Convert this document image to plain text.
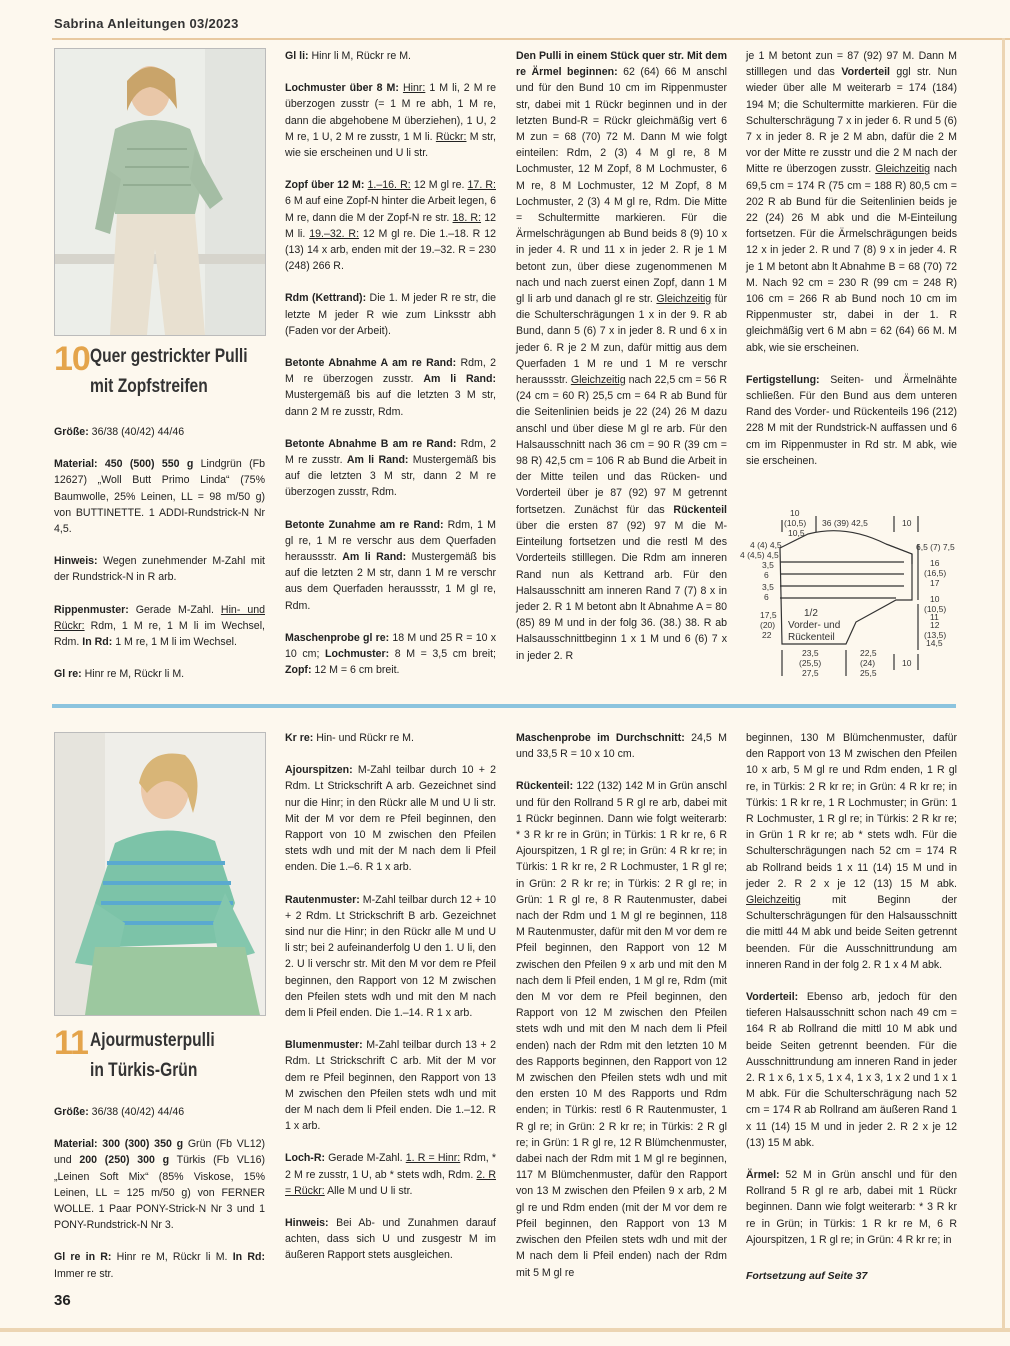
Sabrina Anleitungen 03/2023
10 Quer gestrickter Pulli
mit Zopfstreifen

Größe: 36/38 (40/42) 44/46

Material: 450 (500) 550 g Lindgrün (Fb 12627) „Woll Butt Primo Linda“ (75% Baumwolle, 25% Leinen, LL = 98 m/50 g) von BUTTINETTE. 1 ADDI-Rundstrick-N Nr 4,5.

Hinweis: Wegen zunehmender M-Zahl mit der Rundstrick-N in R arb.

Rippenmuster: Gerade M-Zahl. Hin- und Rückr: Rdm, 1 M re, 1 M li im Wechsel, Rdm. In Rd: 1 M re, 1 M li im Wechsel.

Gl re: Hinr re M, Rückr li M.

Gl li: Hinr li M, Rückr re M.

Lochmuster über 8 M: Hinr: 1 M li, 2 M re überzogen zusstr (= 1 M re abh, 1 M re, dann die abgehobene M überziehen), 1 U, 2 M re, 1 U, 2 M re zusstr, 1 M li. Rückr: M str, wie sie erscheinen und U li str.

Zopf über 12 M: 1.–16. R: 12 M gl re. 17. R: 6 M auf eine Zopf-N hinter die Arbeit legen, 6 M re, dann die M der Zopf-N re str. 18. R: 12 M li. 19.–32. R: 12 M gl re. Die 1.–18. R 12 (13) 14 x arb, enden mit der 19.–32. R = 230 (248) 266 R.

Rdm (Kettrand): Die 1. M jeder R re str, die letzte M jeder R wie zum Linksstr abh (Faden vor der Arbeit).

Betonte Abnahme A am re Rand: Rdm, 2 M re überzogen zusstr. Am li Rand: Mustergemäß bis auf die letzten 3 M str, dann 2 M re zusstr, Rdm.

Betonte Abnahme B am re Rand: Rdm, 2 M re zusstr. Am li Rand: Mustergemäß bis auf die letzten 3 M str, dann 2 M re überzogen zusstr, Rdm.

Betonte Zunahme am re Rand: Rdm, 1 M gl re, 1 M re verschr aus dem Querfaden heraussstr. Am li Rand: Mustergemäß bis auf die letzten 2 M str, dann 1 M re verschr aus dem Querfaden heraussstr, 1 M gl re, Rdm.

Maschenprobe gl re: 18 M und 25 R = 10 x 10 cm; Lochmuster: 8 M = 3,5 cm breit; Zopf: 12 M = 6 cm breit.

Den Pulli in einem Stück quer str. Mit dem re Ärmel beginnen: 62 (64) 66 M anschl und für den Bund 10 cm im Rippenmuster str, dabei mit 1 Rückr beginnen und in der letzten Bund-R = Rückr gleichmäßig vert 6 M zun = 68 (70) 72 M. Dann M wie folgt einteilen: Rdm, 2 (3) 4 M gl re, 8 M Lochmuster, 12 M Zopf, 8 M Lochmuster, 6 M re, 8 M Lochmuster, 12 M Zopf, 8 M Lochmuster, 2 (3) 4 M gl re, Rdm. Die Mitte = Schultermitte markieren. Für die Ärmelschrägungen ab Bund beids 8 (9) 10 x in jeder 4. R und 11 x in jeder 2. R je 1 M betont zun, über diese zugenommenen M nach und nach zuerst einen Zopf, dann 1 M gl li arb und danach gl re str. Gleichzeitig für die Schulterschrägungen 1 x in der 9. R ab Bund, dann 5 (6) 7 x in jeder 8. R und 6 x in jeder 6. R je 2 M zun, dafür mittig aus dem Querfaden 1 M re und 1 M re verschr heraussstr. Gleichzeitig nach 22,5 cm = 56 R (24 cm = 60 R) 25,5 cm = 64 R ab Bund für die Seitenlinien beids je 22 (24) 26 M dazu anschl und über diese M gl re arb. Für den Halsausschnitt nach 36 cm = 90 R (39 cm = 98 R) 42,5 cm = 106 R ab Bund die Arbeit in der Mitte teilen und das Rücken- und Vorderteil über je 87 (92) 97 M getrennt fortsetzen. Zunächst für das Rückenteil über die ersten 87 (92) 97 M die M-Einteilung fortsetzen und die restl M des Vorderteils stilllegen. Die Rdm am inneren Rand nun als Kettrand arb. Für den Halsausschnitt am inneren Rand 7 (7) 8 x in jeder 2. R 1 M betont abn lt Abnahme A = 80 (85) 89 M und in der folg 36. (38.) 38. R ab Halsausschnittbeginn 1 x 1 M und 6 (6) 7 x in jeder 2. R

je 1 M betont zun = 87 (92) 97 M. Dann M stilllegen und das Vorderteil ggl str. Nun wieder über alle M weiterarb = 174 (184) 194 M; die Schultermitte markieren. Für die Schulterschrägung 7 x in jeder 6. R und 5 (6) 7 x in jeder 8. R je 2 M abn, dafür die 2 M vor der Mitte re zusstr und die 2 M nach der Mitte re überzogen zusstr. Gleichzeitig nach 69,5 cm = 174 R (75 cm = 188 R) 80,5 cm = 202 R ab Bund für die Seitenlinien beids je 22 (24) 26 M abk und die M-Einteilung fortsetzen. Für die Ärmelschrägungen beids 12 x in jeder 2. R und 7 (8) 9 x in jeder 4. R je 1 M betont abn lt Abnahme B = 68 (70) 72 M. Nach 92 cm = 230 R (99 cm = 248 R) 106 cm = 266 R ab Bund noch 10 cm im Rippenmuster str, dabei in der 1. R gleichmäßig vert 6 M abn = 62 (64) 66 M. M abk, wie sie erscheinen.

Fertigstellung: Seiten- und Ärmelnähte schließen. Für den Bund aus dem unteren Rand des Vorder- und Rückenteils 196 (212) 228 M mit der Rundstrick-N auffassen und 6 cm im Rippenmuster in Rd str. M abk, wie sie erscheinen.

10
(10,5)
10,5
36 (39) 42,5	10
4 (4) 4,5
4 (4,5) 4,5
3,5
6
3,5
6
17,5
(20)
22
6,5 (7) 7,5
16
(16,5)
17
10
(10,5)
11
12
(13,5)
14,5
23,5
(25,5)
27,5
22,5
(24)
25,5
10
1/2
Vorder- und
Rückenteil
11 Ajourmusterpulli
in Türkis-Grün

Größe: 36/38 (40/42) 44/46

Material: 300 (300) 350 g Grün (Fb VL12) und 200 (250) 300 g Türkis (Fb VL16) „Leinen Soft Mix“ (85% Viskose, 15% Leinen, LL = 125 m/50 g) von FERNER WOLLE. 1 Paar PONY-Strick-N Nr 3 und 1 PONY-Rundstrick-N Nr 3.

Gl re in R: Hinr re M, Rückr li M. In Rd: Immer re str.

Kr re: Hin- und Rückr re M.

Ajourspitzen: M-Zahl teilbar durch 10 + 2 Rdm. Lt Strickschrift A arb. Gezeichnet sind nur die Hinr; in den Rückr alle M und U li str. Mit der M vor dem re Pfeil beginnen, den Rapport von 10 M zwischen den Pfeilen stets wdh und mit der M nach dem li Pfeil enden. Die 1.–6. R 1 x arb.

Rautenmuster: M-Zahl teilbar durch 12 + 10 + 2 Rdm. Lt Strickschrift B arb. Gezeichnet sind nur die Hinr; in den Rückr alle M und U li str; bei 2 aufeinanderfolg U den 1. U li, den 2. U li verschr str. Mit den M vor dem re Pfeil beginnen, den Rapport von 12 M zwischen den Pfeilen stets wdh und mit den M nach dem li Pfeil enden. Die 1.–14. R 1 x arb.

Blumenmuster: M-Zahl teilbar durch 13 + 2 Rdm. Lt Strickschrift C arb. Mit der M vor dem re Pfeil beginnen, den Rapport von 13 M zwischen den Pfeilen stets wdh und mit der M nach dem li Pfeil enden. Die 1.–12. R 1 x arb.

Loch-R: Gerade M-Zahl. 1. R = Hinr: Rdm, * 2 M re zusstr, 1 U, ab * stets wdh, Rdm. 2. R = Rückr: Alle M und U li str.

Hinweis: Bei Ab- und Zunahmen darauf achten, dass sich U und zusgestr M im äußeren Rapport stets ausgleichen.

Maschenprobe im Durchschnitt: 24,5 M und 33,5 R = 10 x 10 cm.

Rückenteil: 122 (132) 142 M in Grün anschl und für den Rollrand 5 R gl re arb, dabei mit 1 Rückr beginnen. Dann wie folgt weiterarb: * 3 R kr re in Grün; in Türkis: 1 R kr re, 6 R Ajourspitzen, 1 R gl re; in Grün: 4 R kr re; in Türkis: 1 R kr re, 2 R Lochmuster, 1 R gl re; in Grün: 2 R kr re; in Türkis: 2 R gl re; in Grün: 1 R gl re, 8 R Rautenmuster, dabei nach der Rdm und 1 M gl re beginnen, 118 M Rautenmuster, dafür mit den M vor dem re Pfeil beginnen, den Rapport von 12 M zwischen den Pfeilen 9 x arb und mit den M nach dem li Pfeil enden, 1 M gl re, Rdm (mit den M vor dem re Pfeil beginnen, den Rapport von 12 M zwischen den Pfeilen stets wdh und mit den M nach dem li Pfeil enden) nach der Rdm mit den letzten 10 M des Rapports beginnen, den Rapport von 12 M zwischen den Pfeilen stets wdh und mit den ersten 10 M des Rapports und Rdm enden; in Türkis: restl 6 R Rautenmuster, 1 R gl re; in Grün: 2 R kr re; in Türkis: 2 R gl re; in Grün: 1 R gl re, 12 R Blümchenmuster, dabei nach der Rdm mit 1 M gl re beginnen, 117 M Blümchenmuster, dafür den Rapport von 13 M zwischen den Pfeilen 9 x arb, 2 M gl re und Rdm enden (mit der M vor dem re Pfeil beginnen, den Rapport von 13 M zwischen den Pfeilen stets wdh und mit der M nach dem li Pfeil enden) nach der Rdm mit 5 M gl re

beginnen, 130 M Blümchenmuster, dafür den Rapport von 13 M zwischen den Pfeilen 10 x arb, 5 M gl re und Rdm enden, 1 R gl re, in Türkis: 2 R kr re; in Grün: 4 R kr re; in Türkis: 1 R kr re, 1 R Lochmuster; in Grün: 1 R Lochmuster, 1 R gl re; in Türkis: 2 R kr re; in Grün 1 R kr re; ab * stets wdh. Für die Schulterschrägungen nach 52 cm = 174 R ab Rollrand beids 1 x 11 (14) 15 M und in jeder 2. R 2 x je 12 (13) 15 M abk. Gleichzeitig mit Beginn der Schulterschrägungen für den Halsausschnitt die mittl 44 M abk und beide Seiten getrennt beenden. Für die Ausschnittrundung am inneren Rand in der folg 2. R 1 x 4 M abk.

Vorderteil: Ebenso arb, jedoch für den tieferen Halsausschnitt schon nach 49 cm = 164 R ab Rollrand die mittl 10 M abk und beide Seiten getrennt beenden. Für die Ausschnittrundung am inneren Rand in jeder 2. R 1 x 6, 1 x 5, 1 x 4, 1 x 3, 1 x 2 und 1 x 1 M abk. Für die Schulterschrägung nach 52 cm = 174 R ab Rollrand am äußeren Rand 1 x 11 (14) 15 M und in jeder 2. R 2 x je 12 (13) 15 M abk.

Ärmel: 52 M in Grün anschl und für den Rollrand 5 R gl re arb, dabei mit 1 Rückr beginnen. Dann wie folgt weiterarb: * 3 R kr re in Grün; in Türkis: 1 R kr re M, 6 R Ajourspitzen, 1 R gl re; in Grün: 4 R kr re; in

Fortsetzung auf Seite 37
36
